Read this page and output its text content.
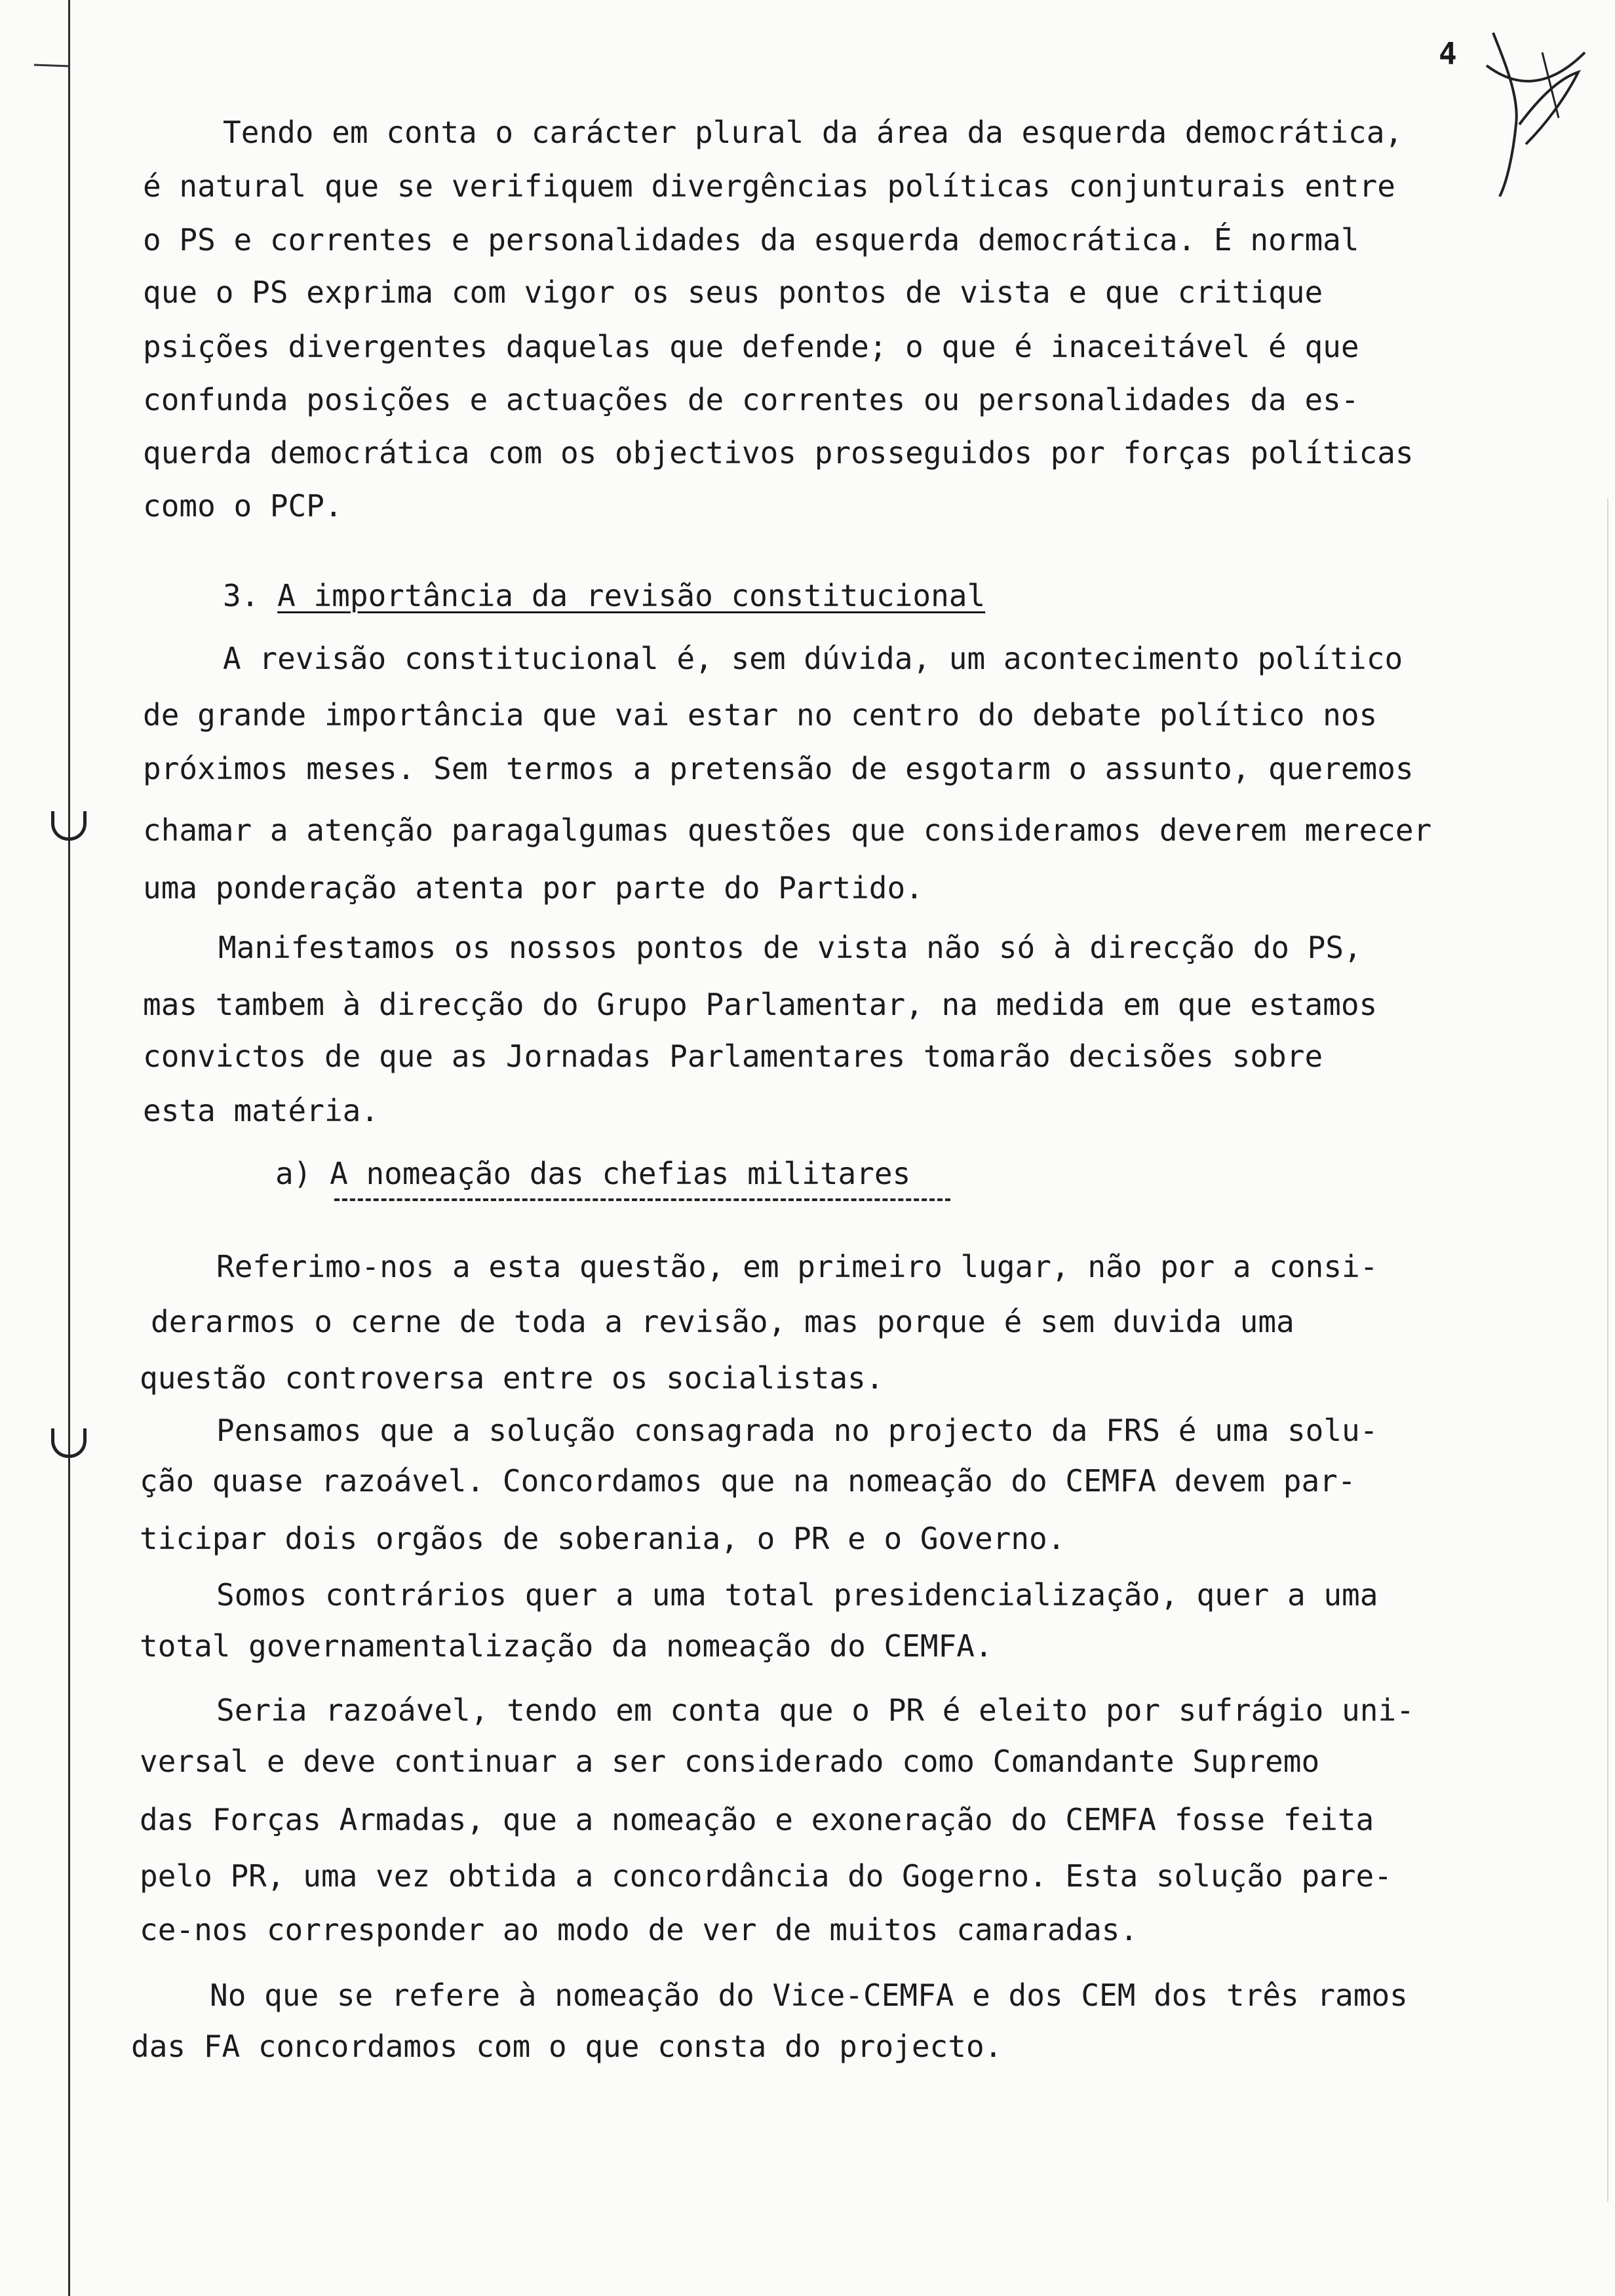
4
Tendo em conta o carácter plural da área da esquerda democrática,
é natural que se verifiquem divergências políticas conjunturais entre
o PS e correntes e personalidades da esquerda democrática. É normal
que o PS exprima com vigor os seus pontos de vista e que critique
psições divergentes daquelas que defende; o que é inaceitável é que
confunda posições e actuações de correntes ou personalidades da es-
querda democrática com os objectivos prosseguidos por forças políticas
como o PCP.
3. A importância da revisão constitucional
A revisão constitucional é, sem dúvida, um acontecimento político
de grande importância que vai estar no centro do debate político nos
próximos meses. Sem termos a pretensão de esgotarm o assunto, queremos
chamar a atenção paragalgumas questões que consideramos deverem merecer
uma ponderação atenta por parte do Partido.
Manifestamos os nossos pontos de vista não só à direcção do PS,
mas tambem à direcção do Grupo Parlamentar, na medida em que estamos
convictos de que as Jornadas Parlamentares tomarão decisões sobre
esta matéria.
a) A nomeação das chefias militares
Referimo-nos a esta questão, em primeiro lugar, não por a consi-
derarmos o cerne de toda a revisão, mas porque é sem duvida uma
questão controversa entre os socialistas.
Pensamos que a solução consagrada no projecto da FRS é uma solu-
ção quase razoável. Concordamos que na nomeação do CEMFA devem par-
ticipar dois orgãos de soberania, o PR e o Governo.
Somos contrários quer a uma total presidencialização, quer a uma
total governamentalização da nomeação do CEMFA.
Seria razoável, tendo em conta que o PR é eleito por sufrágio uni-
versal e deve continuar a ser considerado como Comandante Supremo
das Forças Armadas, que a nomeação e exoneração do CEMFA fosse feita
pelo PR, uma vez obtida a concordância do Gogerno. Esta solução pare-
ce-nos corresponder ao modo de ver de muitos camaradas.
No que se refere à nomeação do Vice-CEMFA e dos CEM dos três ramos
das FA concordamos com o que consta do projecto.
